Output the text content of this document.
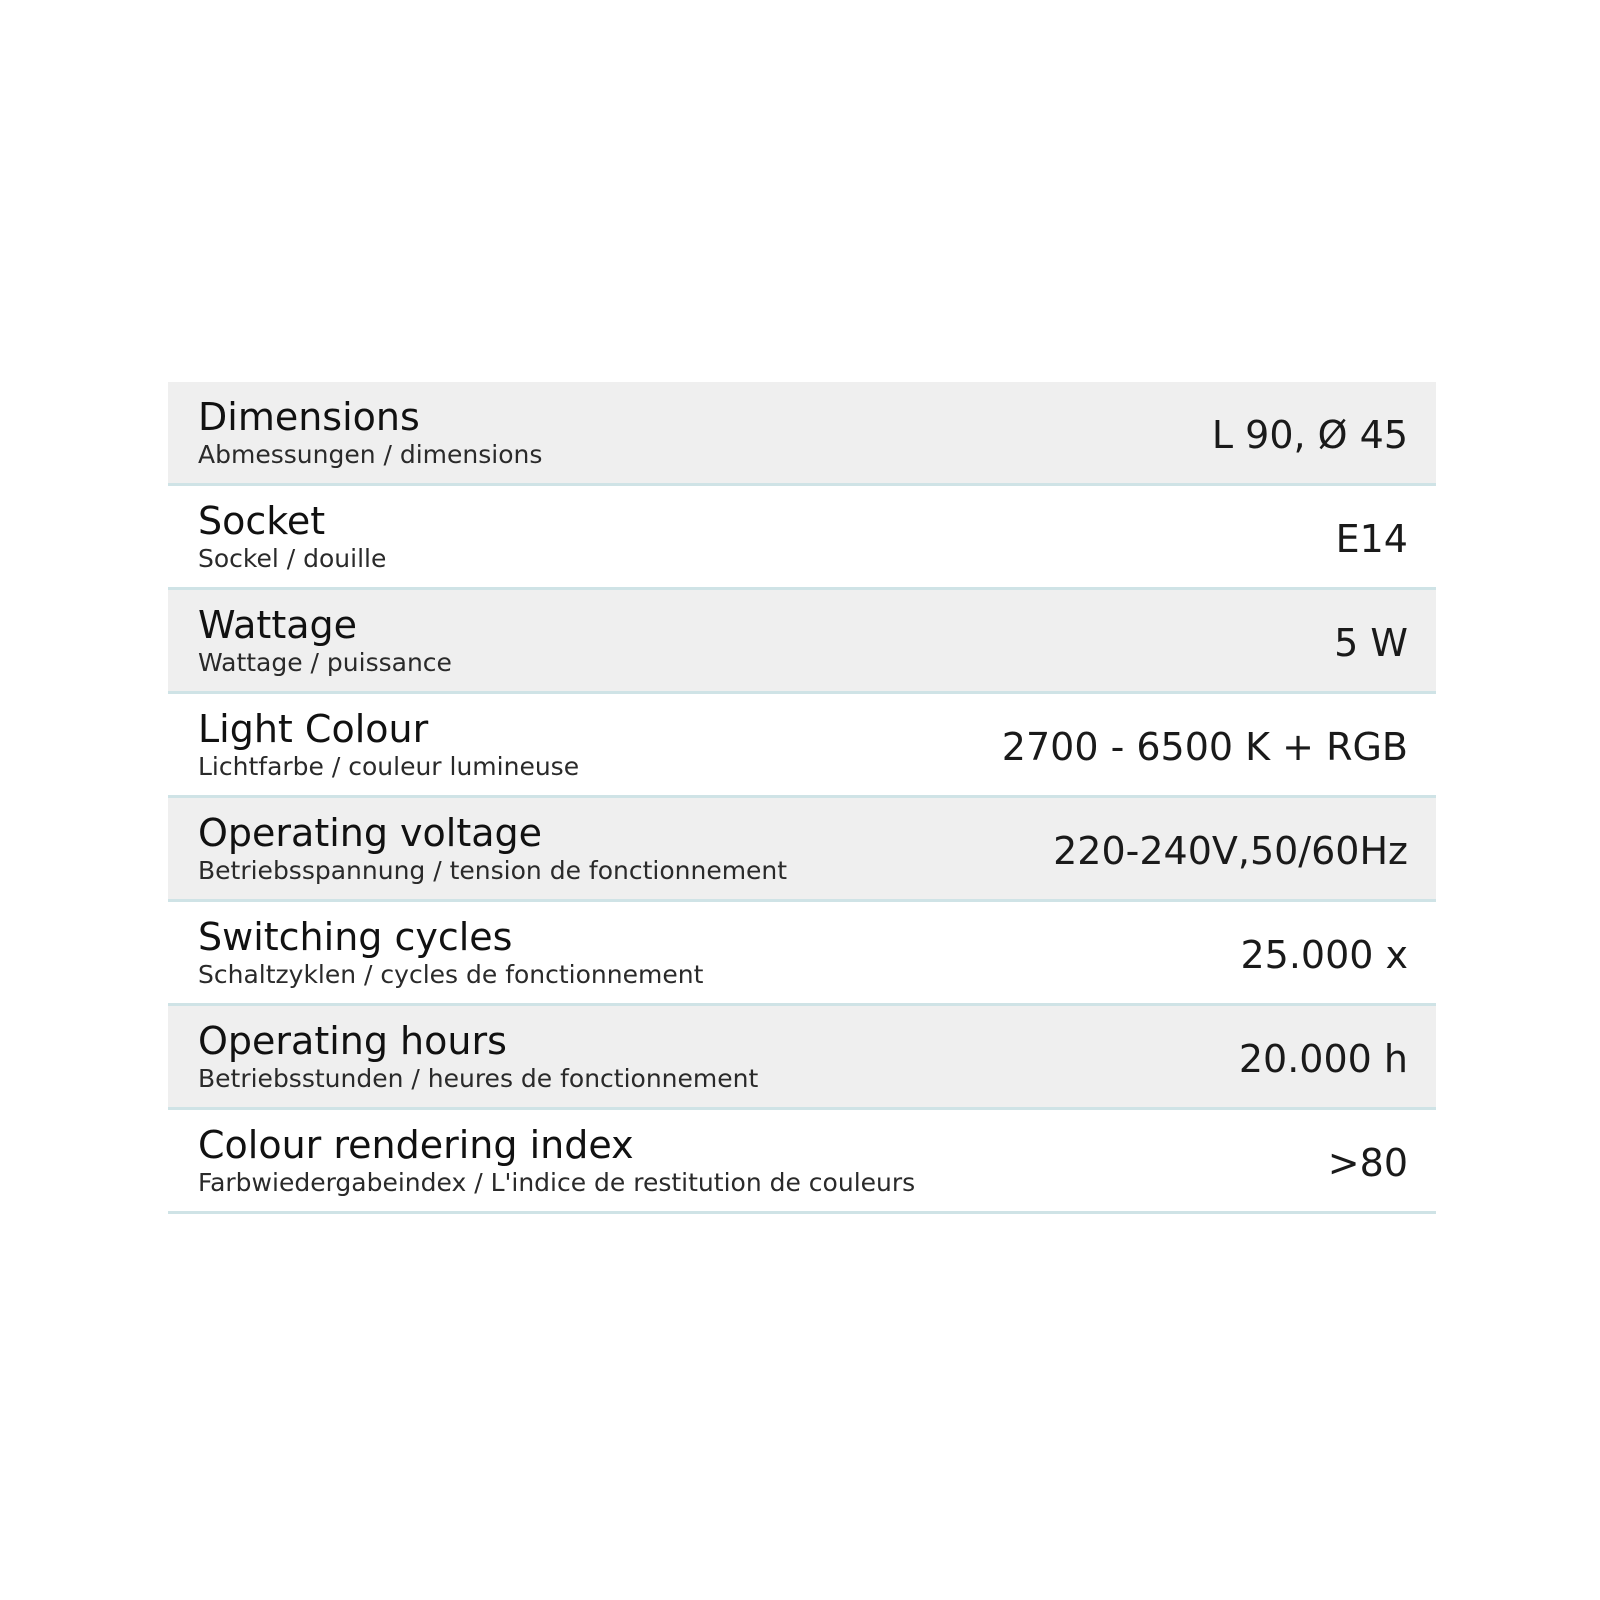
Dimensions
Abmessungen / dimensions	L 90, Ø 45
Socket
Sockel / douille	E14
Wattage
Wattage / puissance	5 W
Light Colour
Lichtfarbe / couleur lumineuse	2700 - 6500 K + RGB
Operating voltage
Betriebsspannung / tension de fonctionnement	220-240V,50/60Hz
Switching cycles
Schaltzyklen / cycles de fonctionnement	25.000 x
Operating hours
Betriebsstunden / heures de fonctionnement	20.000 h
Colour rendering index
Farbwiedergabeindex / L'indice de restitution de couleurs	>80
